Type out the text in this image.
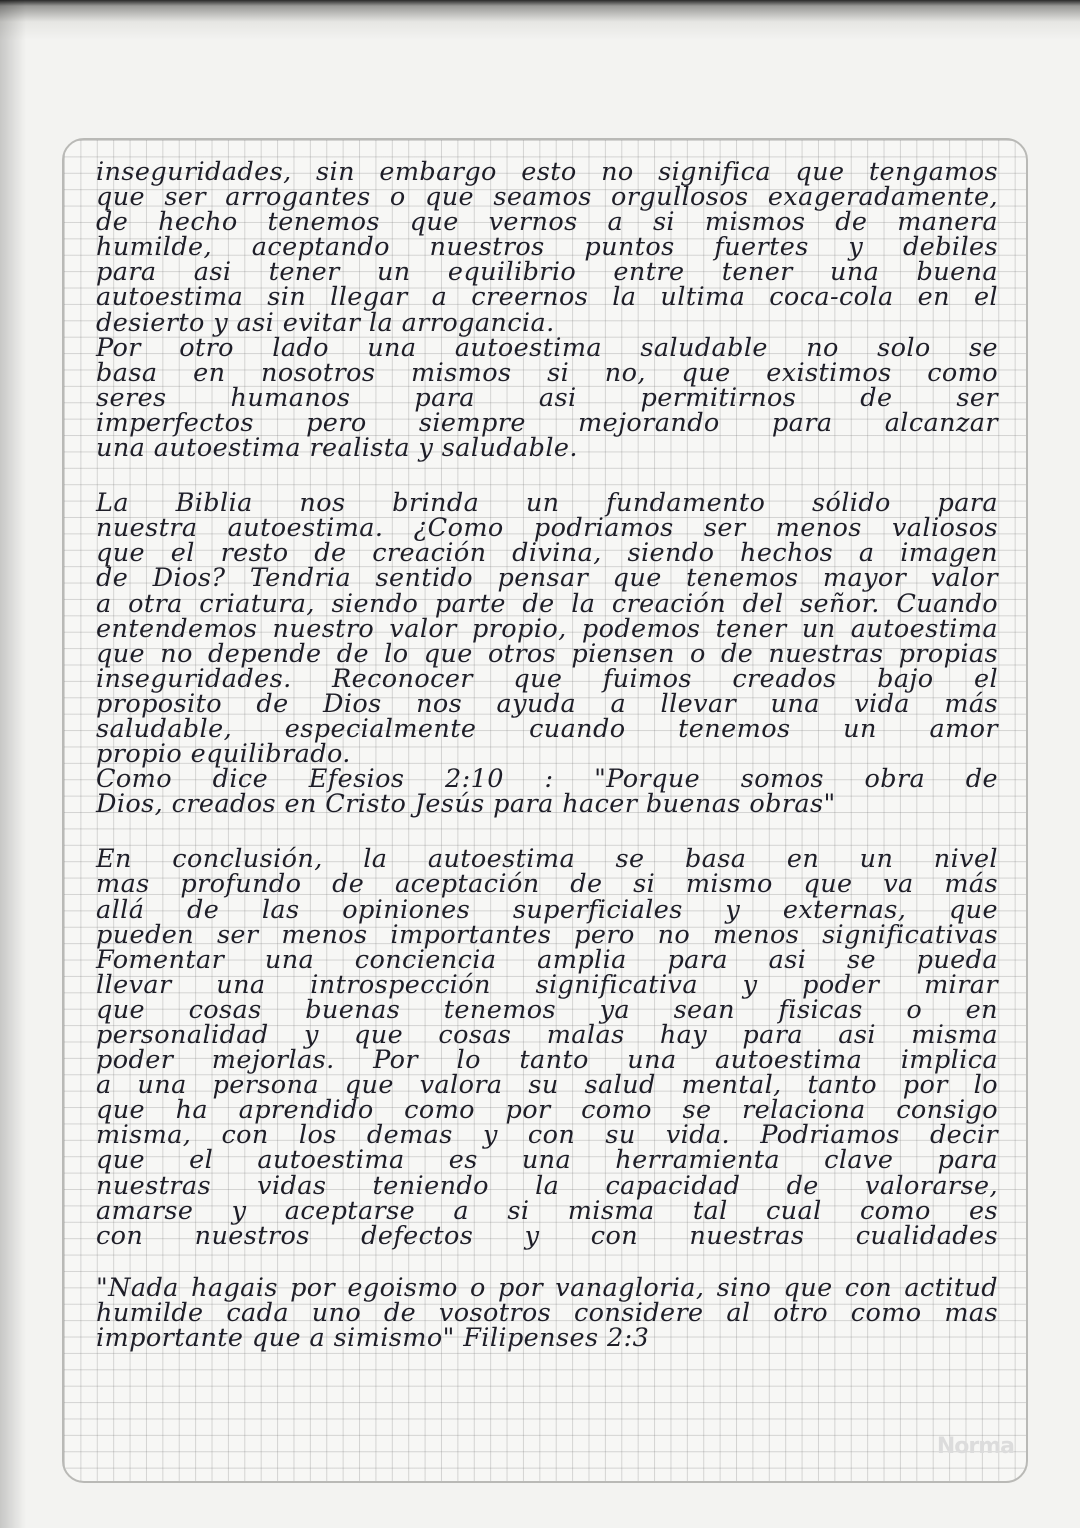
inseguridades, sin embargo esto no significa que tengamos
que ser arrogantes o que seamos orgullosos exageradamente,
de hecho tenemos que vernos a si mismos de manera
humilde, aceptando nuestros puntos fuertes y debiles
para asi tener un equilibrio entre tener una buena
autoestima sin llegar a creernos la ultima coca-cola en el
desierto y asi evitar la arrogancia.
Por otro lado una autoestima saludable no solo se
basa en nosotros mismos si no, que existimos como
seres humanos para asi permitirnos de ser
imperfectos pero siempre mejorando para alcanzar
una autoestima realista y saludable.
La Biblia nos brinda un fundamento sólido para
nuestra autoestima. ¿Como podriamos ser menos valiosos
que el resto de creación divina, siendo hechos a imagen
de Dios? Tendria sentido pensar que tenemos mayor valor
a otra criatura, siendo parte de la creación del señor. Cuando
entendemos nuestro valor propio, podemos tener un autoestima
que no depende de lo que otros piensen o de nuestras propias
inseguridades. Reconocer que fuimos creados bajo el
proposito de Dios nos ayuda a llevar una vida más
saludable, especialmente cuando tenemos un amor
propio equilibrado.
Como dice Efesios 2:10 : "Porque somos obra de
Dios, creados en Cristo Jesús para hacer buenas obras"
En conclusión, la autoestima se basa en un nivel
mas profundo de aceptación de si mismo que va más
allá de las opiniones superficiales y externas, que
pueden ser menos importantes pero no menos significativas
Fomentar una conciencia amplia para asi se pueda
llevar una introspección significativa y poder mirar
que cosas buenas tenemos ya sean fisicas o en
personalidad y que cosas malas hay para asi misma
poder mejorlas. Por lo tanto una autoestima implica
a una persona que valora su salud mental, tanto por lo
que ha aprendido como por como se relaciona consigo
misma, con los demas y con su vida. Podriamos decir
que el autoestima es una herramienta clave para
nuestras vidas teniendo la capacidad de valorarse,
amarse y aceptarse a si misma tal cual como es
con nuestros defectos y con nuestras cualidades
"Nada hagais por egoismo o por vanagloria, sino que con actitud
humilde cada uno de vosotros considere al otro como mas
importante que a simismo" Filipenses 2:3
Norma
